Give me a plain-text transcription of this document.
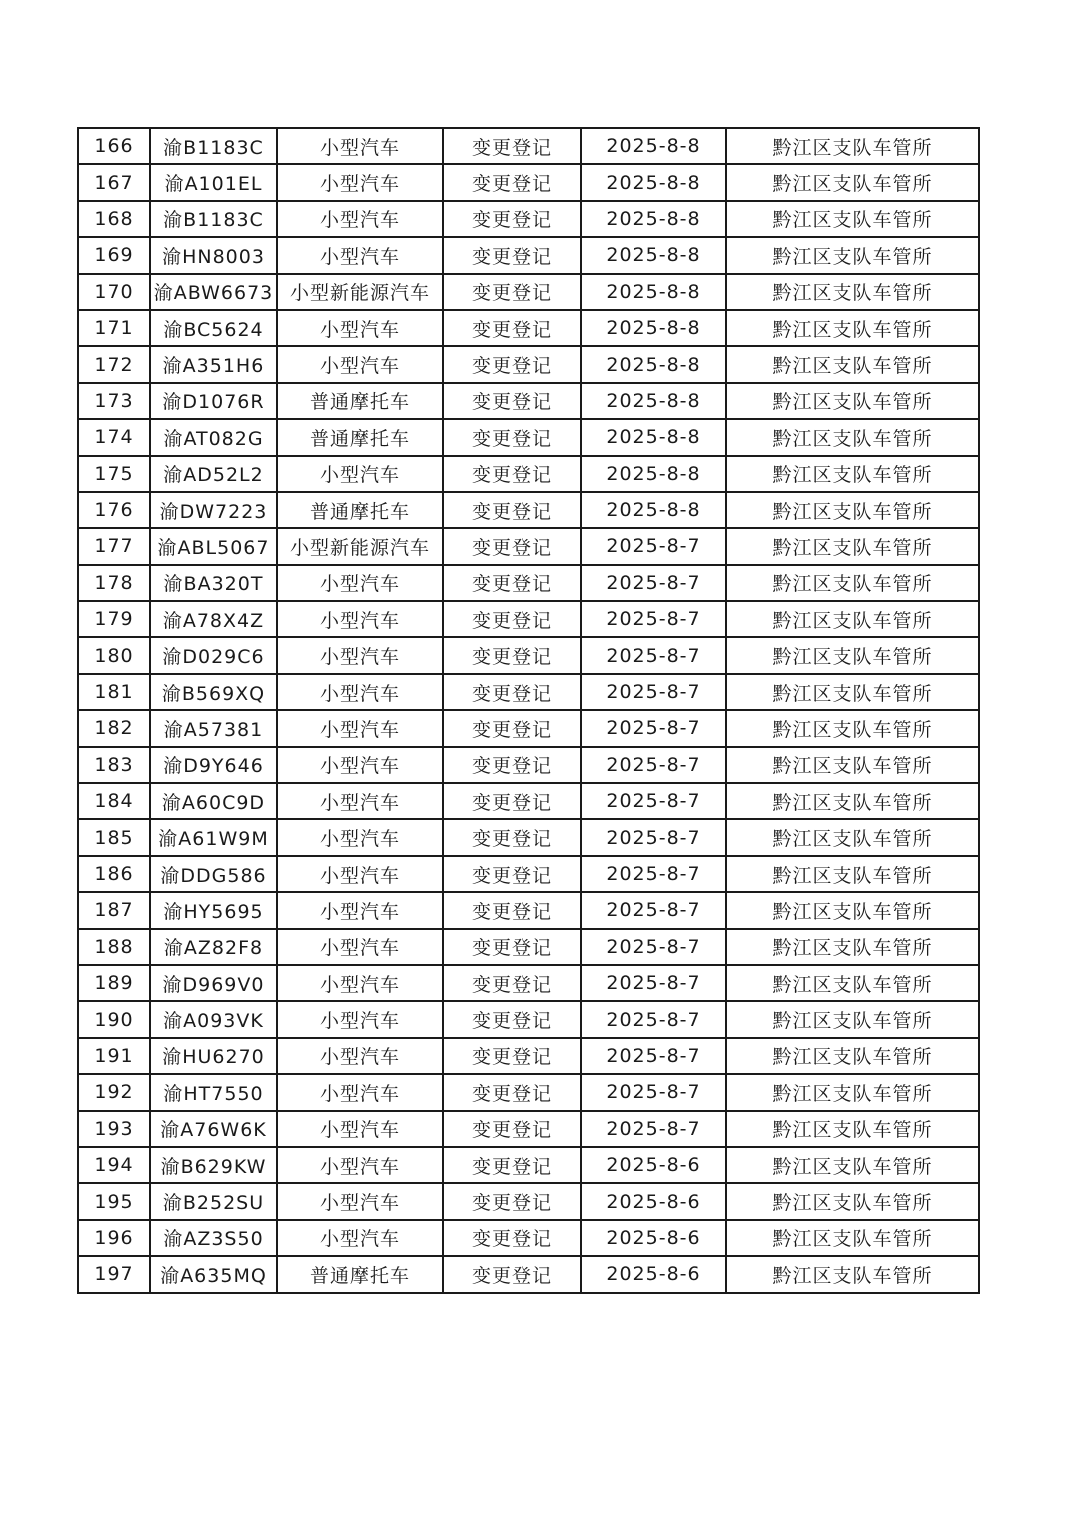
166	渝B1183C	小型汽车	变更登记	2025-8-8	黔江区支队车管所
167	渝A101EL	小型汽车	变更登记	2025-8-8	黔江区支队车管所
168	渝B1183C	小型汽车	变更登记	2025-8-8	黔江区支队车管所
169	渝HN8003	小型汽车	变更登记	2025-8-8	黔江区支队车管所
170	渝ABW6673	小型新能源汽车	变更登记	2025-8-8	黔江区支队车管所
171	渝BC5624	小型汽车	变更登记	2025-8-8	黔江区支队车管所
172	渝A351H6	小型汽车	变更登记	2025-8-8	黔江区支队车管所
173	渝D1076R	普通摩托车	变更登记	2025-8-8	黔江区支队车管所
174	渝AT082G	普通摩托车	变更登记	2025-8-8	黔江区支队车管所
175	渝AD52L2	小型汽车	变更登记	2025-8-8	黔江区支队车管所
176	渝DW7223	普通摩托车	变更登记	2025-8-8	黔江区支队车管所
177	渝ABL5067	小型新能源汽车	变更登记	2025-8-7	黔江区支队车管所
178	渝BA320T	小型汽车	变更登记	2025-8-7	黔江区支队车管所
179	渝A78X4Z	小型汽车	变更登记	2025-8-7	黔江区支队车管所
180	渝D029C6	小型汽车	变更登记	2025-8-7	黔江区支队车管所
181	渝B569XQ	小型汽车	变更登记	2025-8-7	黔江区支队车管所
182	渝A57381	小型汽车	变更登记	2025-8-7	黔江区支队车管所
183	渝D9Y646	小型汽车	变更登记	2025-8-7	黔江区支队车管所
184	渝A60C9D	小型汽车	变更登记	2025-8-7	黔江区支队车管所
185	渝A61W9M	小型汽车	变更登记	2025-8-7	黔江区支队车管所
186	渝DDG586	小型汽车	变更登记	2025-8-7	黔江区支队车管所
187	渝HY5695	小型汽车	变更登记	2025-8-7	黔江区支队车管所
188	渝AZ82F8	小型汽车	变更登记	2025-8-7	黔江区支队车管所
189	渝D969V0	小型汽车	变更登记	2025-8-7	黔江区支队车管所
190	渝A093VK	小型汽车	变更登记	2025-8-7	黔江区支队车管所
191	渝HU6270	小型汽车	变更登记	2025-8-7	黔江区支队车管所
192	渝HT7550	小型汽车	变更登记	2025-8-7	黔江区支队车管所
193	渝A76W6K	小型汽车	变更登记	2025-8-7	黔江区支队车管所
194	渝B629KW	小型汽车	变更登记	2025-8-6	黔江区支队车管所
195	渝B252SU	小型汽车	变更登记	2025-8-6	黔江区支队车管所
196	渝AZ3S50	小型汽车	变更登记	2025-8-6	黔江区支队车管所
197	渝A635MQ	普通摩托车	变更登记	2025-8-6	黔江区支队车管所
